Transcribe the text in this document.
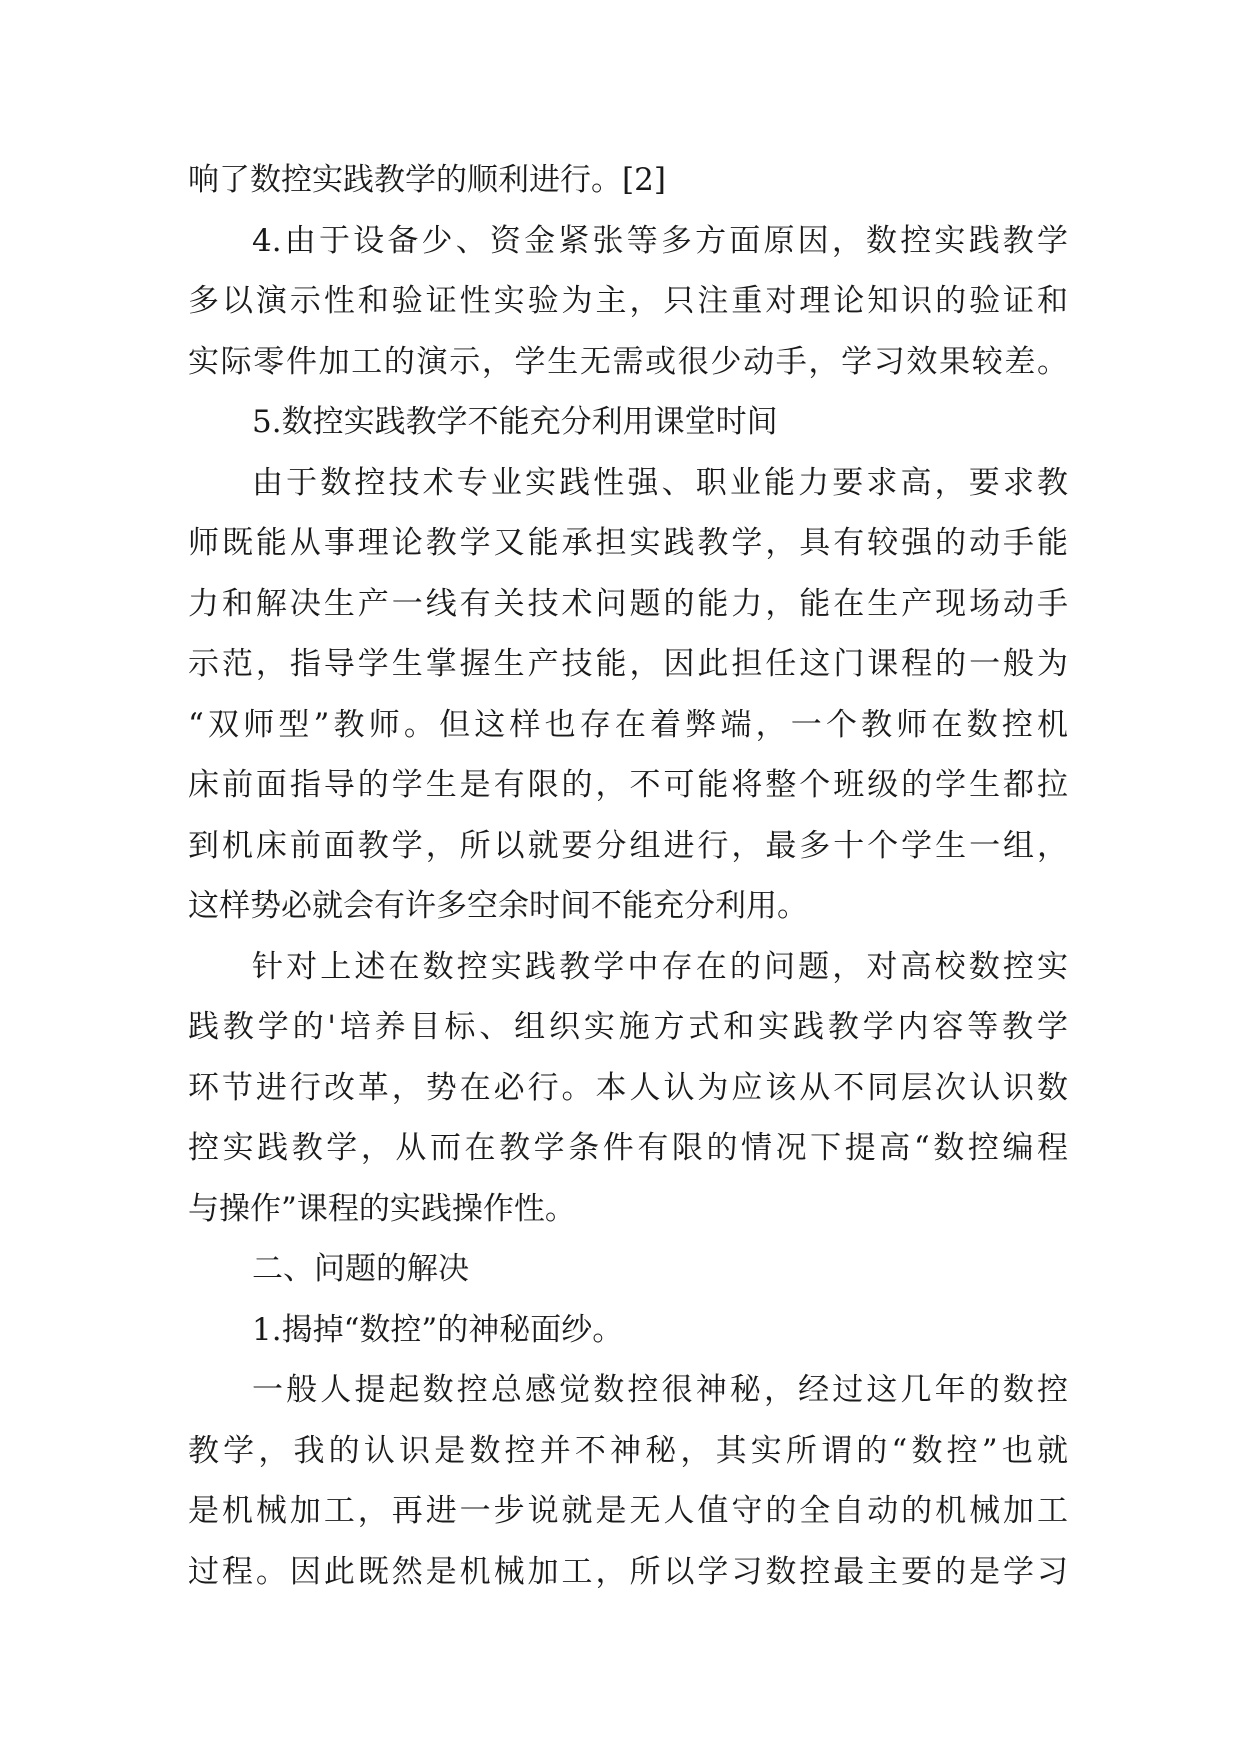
响了数控实践教学的顺利进行。[2]
4.由于设备少、资金紧张等多方面原因，数控实践教学
多以演示性和验证性实验为主，只注重对理论知识的验证和
实际零件加工的演示，学生无需或很少动手，学习效果较差。
5.数控实践教学不能充分利用课堂时间
由于数控技术专业实践性强、职业能力要求高，要求教
师既能从事理论教学又能承担实践教学，具有较强的动手能
力和解决生产一线有关技术问题的能力，能在生产现场动手
示范，指导学生掌握生产技能，因此担任这门课程的一般为
“双师型”教师。但这样也存在着弊端，一个教师在数控机
床前面指导的学生是有限的，不可能将整个班级的学生都拉
到机床前面教学，所以就要分组进行，最多十个学生一组，
这样势必就会有许多空余时间不能充分利用。
针对上述在数控实践教学中存在的问题，对高校数控实
践教学的'培养目标、组织实施方式和实践教学内容等教学
环节进行改革，势在必行。本人认为应该从不同层次认识数
控实践教学，从而在教学条件有限的情况下提高“数控编程
与操作”课程的实践操作性。
二、问题的解决
1.揭掉“数控”的神秘面纱。
一般人提起数控总感觉数控很神秘，经过这几年的数控
教学，我的认识是数控并不神秘，其实所谓的“数控”也就
是机械加工，再进一步说就是无人值守的全自动的机械加工
过程。因此既然是机械加工，所以学习数控最主要的是学习
